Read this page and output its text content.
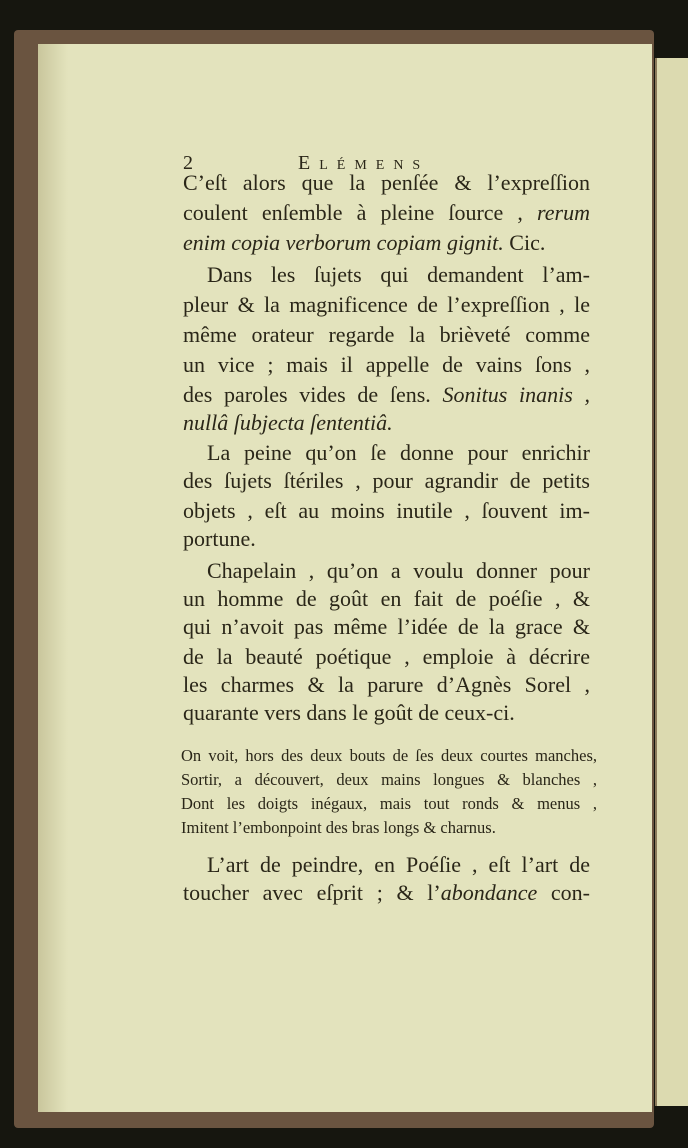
2	Elémens
C’eſt alors que la penſée & l’expreſſion
coulent enſemble à pleine ſource , rerum
enim copia verborum copiam gignit. Cic.
Dans les ſujets qui demandent l’am-
pleur & la magnificence de l’expreſſion , le
même orateur regarde la brièveté comme
un vice ; mais il appelle de vains ſons ,
des paroles vides de ſens. Sonitus inanis ,
nullâ ſubjecta ſententiâ.
La peine qu’on ſe donne pour enrichir
des ſujets ſtériles , pour agrandir de petits
objets , eſt au moins inutile , ſouvent im-
portune.
Chapelain , qu’on a voulu donner pour
un homme de goût en fait de poéſie , &
qui n’avoit pas même l’idée de la grace &
de la beauté poétique , emploie à décrire
les charmes & la parure d’Agnès Sorel ,
quarante vers dans le goût de ceux-ci.
On voit, hors des deux bouts de ſes deux courtes manches,
Sortir, a découvert, deux mains longues & blanches ,
Dont les doigts inégaux, mais tout ronds & menus ,
Imitent l’embonpoint des bras longs & charnus.
L’art de peindre, en Poéſie , eſt l’art de
toucher avec eſprit ; & l’abondance con-
